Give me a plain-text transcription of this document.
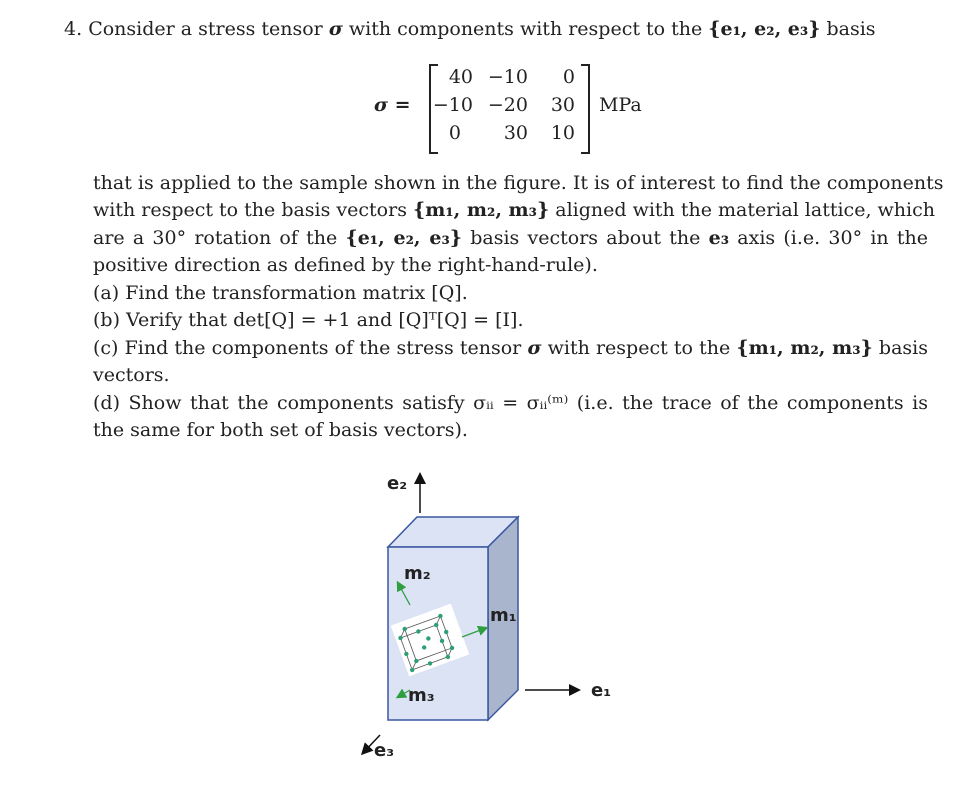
4. Consider a stress tensor σ with components with respect to the {e₁, e₂, e₃} basis
σ =
40 −10	0
−10 −20	30
0	30	10
MPa
that is applied to the sample shown in the figure. It is of interest to find the components
with respect to the basis vectors {m₁, m₂, m₃} aligned with the material lattice, which
are a 30° rotation of the {e₁, e₂, e₃} basis vectors about the e₃ axis (i.e. 30° in the
positive direction as defined by the right-hand-rule).
(a) Find the transformation matrix [Q].
(b) Verify that det[Q] = +1 and [Q]ᵀ[Q] = [I].
(c) Find the components of the stress tensor σ with respect to the {m₁, m₂, m₃} basis
vectors.
(d) Show that the components satisfy σᵢᵢ = σᵢᵢ⁽ᵐ⁾ (i.e. the trace of the components is
the same for both set of basis vectors).
e₂
e₁
e₃
m₂
m₁
m₃
